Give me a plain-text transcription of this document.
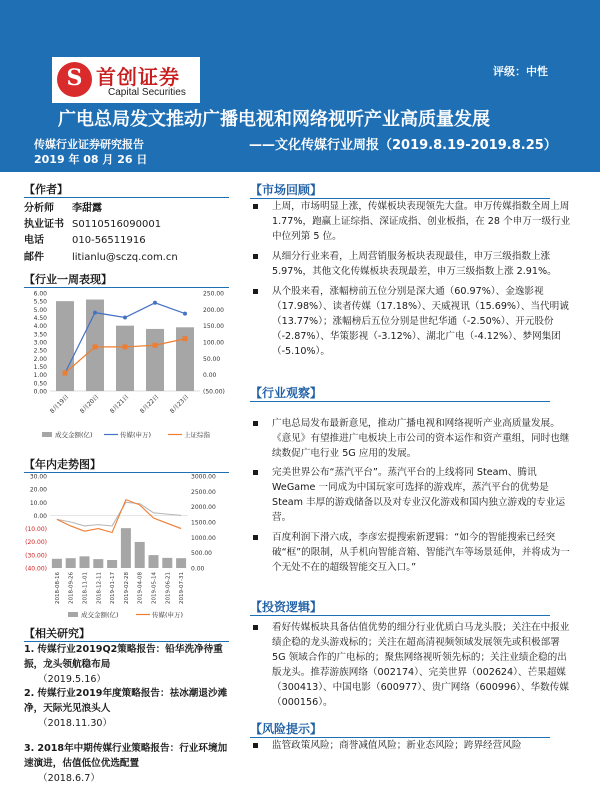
S 首创证券
Capital Securities
评级：中性
广电总局发文推动广播电视和网络视听产业高质量发展
传媒行业证券研究报告
2019 年 08 月 26 日
——文化传媒行业周报（2019.8.19-2019.8.25）
【作者】
分析师 李甜露
执业证书 S0110516090001
电话	010-56511916
邮件	litianlu@sczq.com.cn
【行业一周表现】
0.00
0.50
1.00
1.50
2.00
2.50
3.00
3.50
4.00
4.50
5.00
5.50
6.00
(50.00)
0.00
50.00
100.00
150.00
200.00
250.00
8月19日 8月20日 8月21日 8月22日 8月23日
成交金额(亿)	传媒(申万)	上证综指
【年内走势图】
30.00
20.00
10.00
0.00
(10.00)
(20.00)
(30.00)
(40.00)
3000.00
2500.00
2000.00
1500.00
1000.00
500.00
0.00
2018-08-16 2018-09-26 2018-11-01 2018-12-11 2019-01-17 2019-02-28 2019-04-08 2019-05-14 2019-06-21 2019-07-31
成交金额(亿)	传媒(申万)
【相关研究】
1. 传媒行业2019Q2策略报告：铅华洗净待重振，龙头领航稳布局
（2019.5.16）
2. 传媒行业2019年度策略报告：祛冰潮退沙滩净，天际光见浪头人
（2018.11.30）
3. 2018年中期传媒行业策略报告：行业环境加速演进，估值低位优选配置
（2018.6.7）
【市场回顾】
上周，市场明显上涨，传媒板块表现领先大盘。申万传媒指数全周上周 1.77%，跑赢上证综指、深证成指、创业板指，在 28 个申万一级行业中位列第 5 位。
从细分行业来看，上周营销服务板块表现最佳，申万三级指数上涨 5.97%，其他文化传媒板块表现最差，申万三级指数上涨 2.91%。
从个股来看，涨幅榜前五位分别是深大通（60.97%）、金逸影视（17.98%）、读者传媒（17.18%）、天威视讯（15.69%）、当代明诚（13.77%）；涨幅榜后五位分别是世纪华通（-2.50%）、开元股份（-2.87%）、华策影视（-3.12%）、湖北广电（-4.12%）、梦网集团（-5.10%）。
【行业观察】
广电总局发布最新意见，推动广播电视和网络视听产业高质量发展。《意见》有望推进广电板块上市公司的资本运作和资产重组，同时也继续数促广电行业 5G 应用的发展。
完美世界公布“蒸汽平台”。蒸汽平台的上线将同 Steam、腾讯 WeGame 一同成为中国玩家可选择的游戏库，蒸汽平台的优势是 Steam 丰厚的游戏储备以及对专业汉化游戏和国内独立游戏的专业运营。
百度利润下滑六成，李彦宏提搜索新逻辑：“如今的智能搜索已经突破“框”的限制，从手机向智能音箱、智能汽车等场景延伸，并将成为一个无处不在的超级智能交互入口。”
【投资逻辑】
看好传媒板块具备估值优势的细分行业优质白马龙头股；关注在中报业绩企稳的龙头游戏标的；关注在超高清视频领域发展领先或积极部署 5G 领域合作的广电标的；聚焦网络视听领先标的；关注业绩企稳的出版龙头。推荐游族网络（002174）、完美世界（002624）、芒果超媒（300413）、中国电影（600977）、贵广网络（600996）、华数传媒（000156）。
【风险提示】
监管政策风险；商誉减值风险；新业态风险；跨界经营风险
